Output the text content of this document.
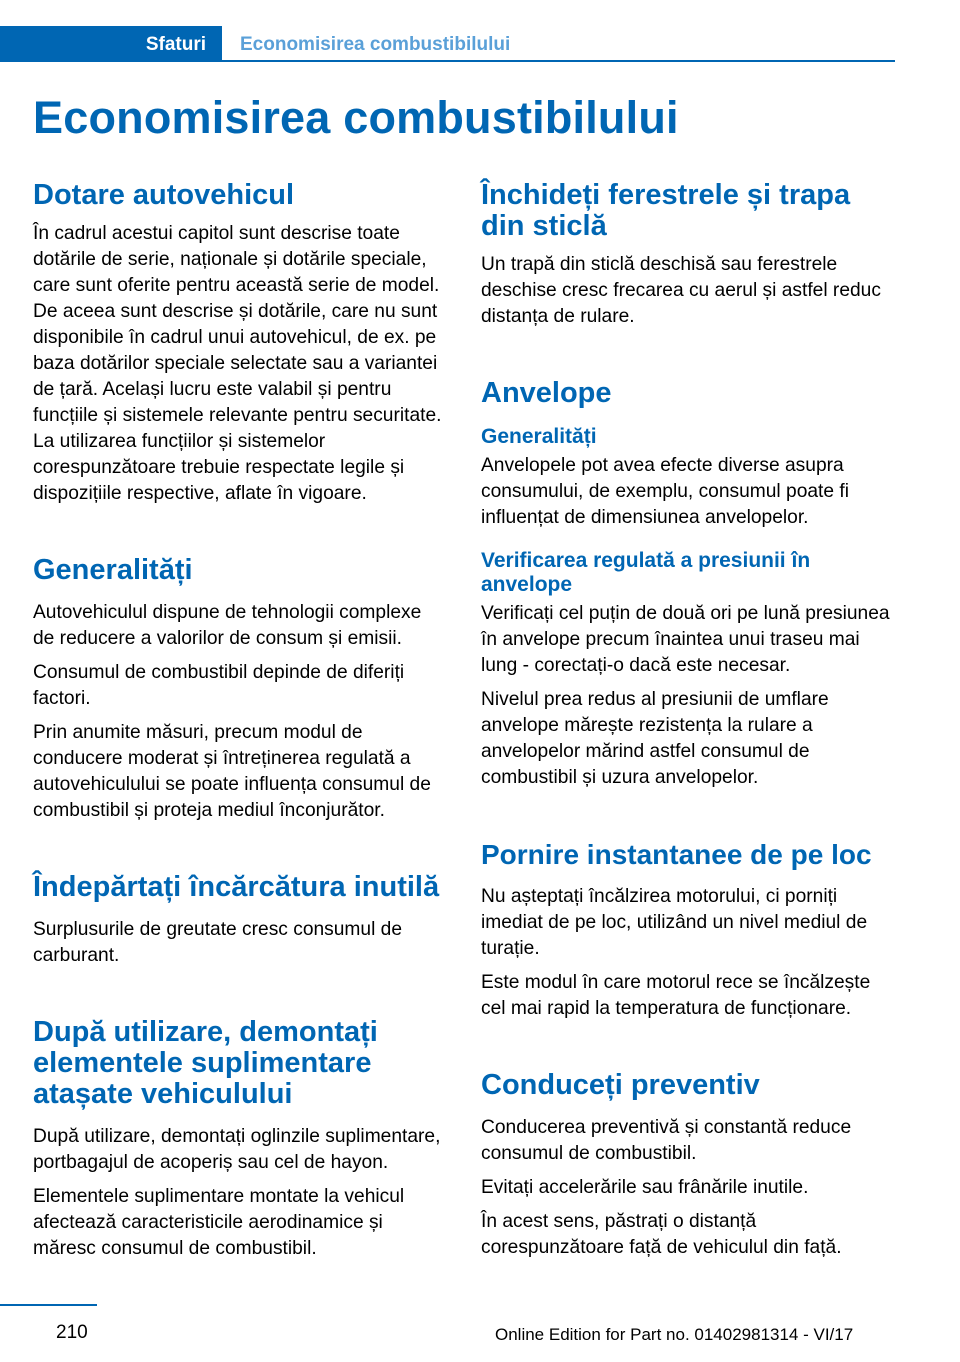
Sfaturi Economisirea combustibilului
Economisirea combustibilului
Dotare autovehicul

În cadrul acestui capitol sunt descrise toate dotările de serie, naționale și dotările speciale, care sunt oferite pentru această serie de model. De aceea sunt descrise și dotările, care nu sunt disponibile în cadrul unui autovehicul, de ex. pe baza dotărilor speciale selectate sau a variantei de țară. Același lucru este valabil și pentru funcțiile și sistemele relevante pentru securitate. La utilizarea funcțiilor și sistemelor corespunzătoare trebuie respectate legile și dispozițiile respective, aflate în vigoare.

Generalități

Autovehiculul dispune de tehnologii complexe de reducere a valorilor de consum și emisii.

Consumul de combustibil depinde de diferiți factori.

Prin anumite măsuri, precum modul de conducere moderat și întreținerea regulată a autovehiculului se poate influența consumul de combustibil și proteja mediul înconjurător.

Îndepărtați încărcătura inutilă

Surplusurile de greutate cresc consumul de carburant.

După utilizare, demontați elementele suplimentare atașate vehiculului

După utilizare, demontați oglinzile suplimentare, portbagajul de acoperiș sau cel de hayon.

Elementele suplimentare montate la vehicul afectează caracteristicile aerodinamice și măresc consumul de combustibil.

Închideți ferestrele și trapa din sticlă

Un trapă din sticlă deschisă sau ferestrele deschise cresc frecarea cu aerul și astfel reduc distanța de rulare.

Anvelope
Generalități

Anvelopele pot avea efecte diverse asupra consumului, de exemplu, consumul poate fi influențat de dimensiunea anvelopelor.

Verificarea regulată a presiunii în anvelope

Verificați cel puțin de două ori pe lună presiunea în anvelope precum înaintea unui traseu mai lung - corectați-o dacă este necesar.

Nivelul prea redus al presiunii de umflare anvelope mărește rezistența la rulare a anvelopelor mărind astfel consumul de combustibil și uzura anvelopelor.

Pornire instantanee de pe loc

Nu așteptați încălzirea motorului, ci porniți imediat de pe loc, utilizând un nivel mediul de turație.

Este modul în care motorul rece se încălzește cel mai rapid la temperatura de funcționare.

Conduceți preventiv

Conducerea preventivă și constantă reduce consumul de combustibil.

Evitați accelerările sau frânările inutile.

În acest sens, păstrați o distanță corespunzătoare față de vehiculul din față.

210	Online Edition for Part no. 01402981314 - VI/17
